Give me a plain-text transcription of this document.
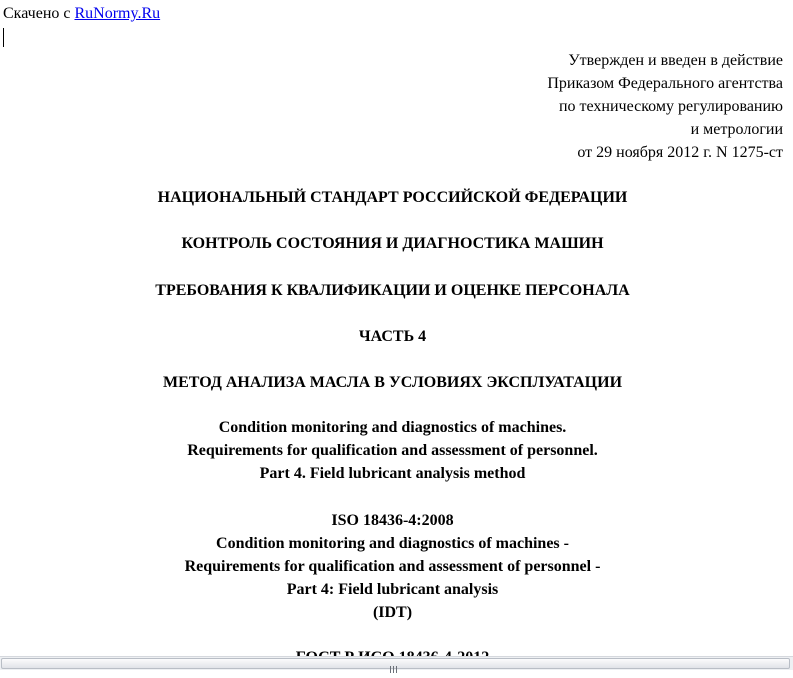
Скачено с RuNormy.Ru
Утвержден и введен в действие
Приказом Федерального агентства
по техническому регулированию
и метрологии
от 29 ноября 2012 г. N 1275-ст
НАЦИОНАЛЬНЫЙ СТАНДАРТ РОССИЙСКОЙ ФЕДЕРАЦИИ
КОНТРОЛЬ СОСТОЯНИЯ И ДИАГНОСТИКА МАШИН
ТРЕБОВАНИЯ К КВАЛИФИКАЦИИ И ОЦЕНКЕ ПЕРСОНАЛА
ЧАСТЬ 4
МЕТОД АНАЛИЗА МАСЛА В УСЛОВИЯХ ЭКСПЛУАТАЦИИ
Condition monitoring and diagnostics of machines.
Requirements for qualification and assessment of personnel.
Part 4. Field lubricant analysis method
ISO 18436-4:2008
Condition monitoring and diagnostics of machines -
Requirements for qualification and assessment of personnel -
Part 4: Field lubricant analysis
(IDT)
